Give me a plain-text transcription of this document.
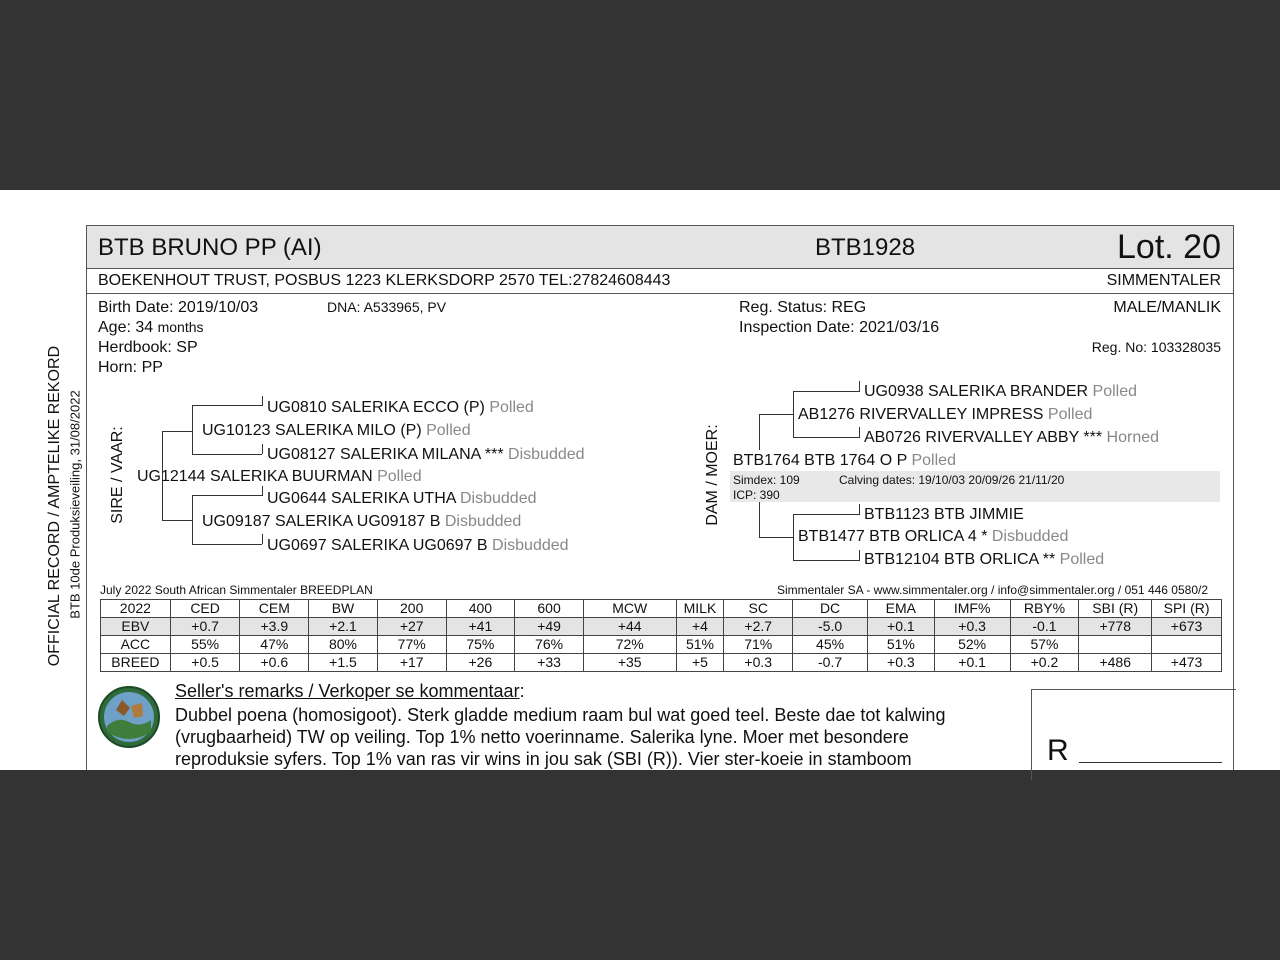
OFFICIAL RECORD / AMPTELIKE REKORD BTB 10de Produksieveiling, 31/08/2022
BTB BRUNO PP (AI)	BTB1928	Lot. 20
BOEKENHOUT TRUST, POSBUS 1223 KLERKSDORP 2570 TEL:27824608443	SIMMENTALER
Birth Date: 2019/10/03	DNA: A533965, PV
Age: 34 months
Herdbook: SP
Horn: PP
Reg. Status: REG
Inspection Date: 2021/03/16
MALE/MANLIK
Reg. No: 103328035
SIRE / VAAR:	DAM / MOER:
UG0810 SALERIKA ECCO (P) Polled
UG10123 SALERIKA MILO (P) Polled
UG08127 SALERIKA MILANA *** Disbudded
UG12144 SALERIKA BUURMAN Polled
UG0644 SALERIKA UTHA Disbudded
UG09187 SALERIKA UG09187 B Disbudded
UG0697 SALERIKA UG0697 B Disbudded
UG0938 SALERIKA BRANDER Polled
AB1276 RIVERVALLEY IMPRESS Polled
AB0726 RIVERVALLEY ABBY *** Horned
BTB1764 BTB 1764 O P Polled
Simdex: 109	Calving dates: 19/10/03 20/09/26 21/11/20
ICP: 390
BTB1123 BTB JIMMIE
BTB1477 BTB ORLICA 4 * Disbudded
BTB12104 BTB ORLICA ** Polled
July 2022 South African Simmentaler BREEDPLAN	Simmentaler SA - www.simmentaler.org / info@simmentaler.org / 051 446 0580/2
2022	CED	CEM	BW	200	400	600	MCW	MILK	SC	DC	EMA	IMF%	RBY%	SBI (R)	SPI (R)
EBV	+0.7	+3.9	+2.1	+27	+41	+49	+44	+4	+2.7	-5.0	+0.1	+0.3	-0.1	+778	+673
ACC	55%	47%	80%	77%	75%	76%	72%	51%	71%	45%	51%	52%	57%		
BREED	+0.5	+0.6	+1.5	+17	+26	+33	+35	+5	+0.3	-0.7	+0.3	+0.1	+0.2	+486	+473
Seller's remarks / Verkoper se kommentaar:
Dubbel poena (homosigoot). Sterk gladde medium raam bul wat goed teel. Beste dae tot kalwing
(vrugbaarheid) TW op veiling. Top 1% netto voerinname. Salerika lyne. Moer met besondere
reproduksie syfers. Top 1% van ras vir wins in jou sak (SBI (R)). Vier ster-koeie in stamboom	R
